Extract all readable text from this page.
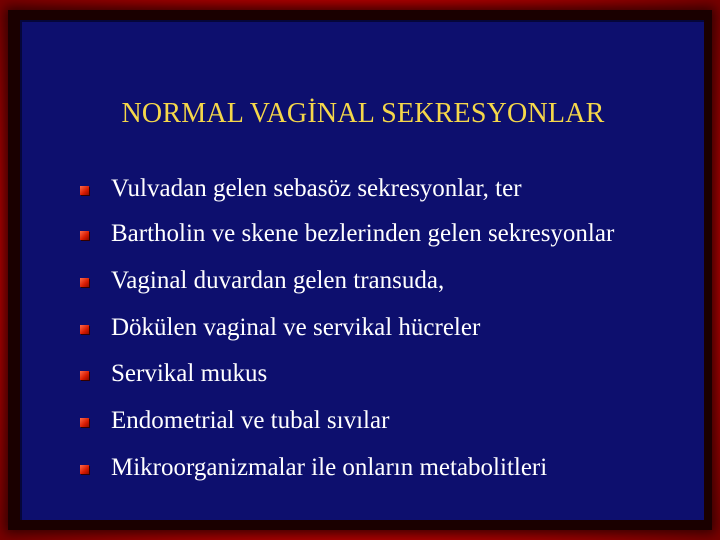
NORMAL VAGİNAL SEKRESYONLAR
Vulvadan gelen sebasöz sekresyonlar, ter
Bartholin ve skene bezlerinden gelen sekresyonlar
Vaginal duvardan gelen transuda,
Dökülen vaginal ve servikal hücreler
Servikal mukus
Endometrial ve tubal sıvılar
Mikroorganizmalar ile onların metabolitleri
